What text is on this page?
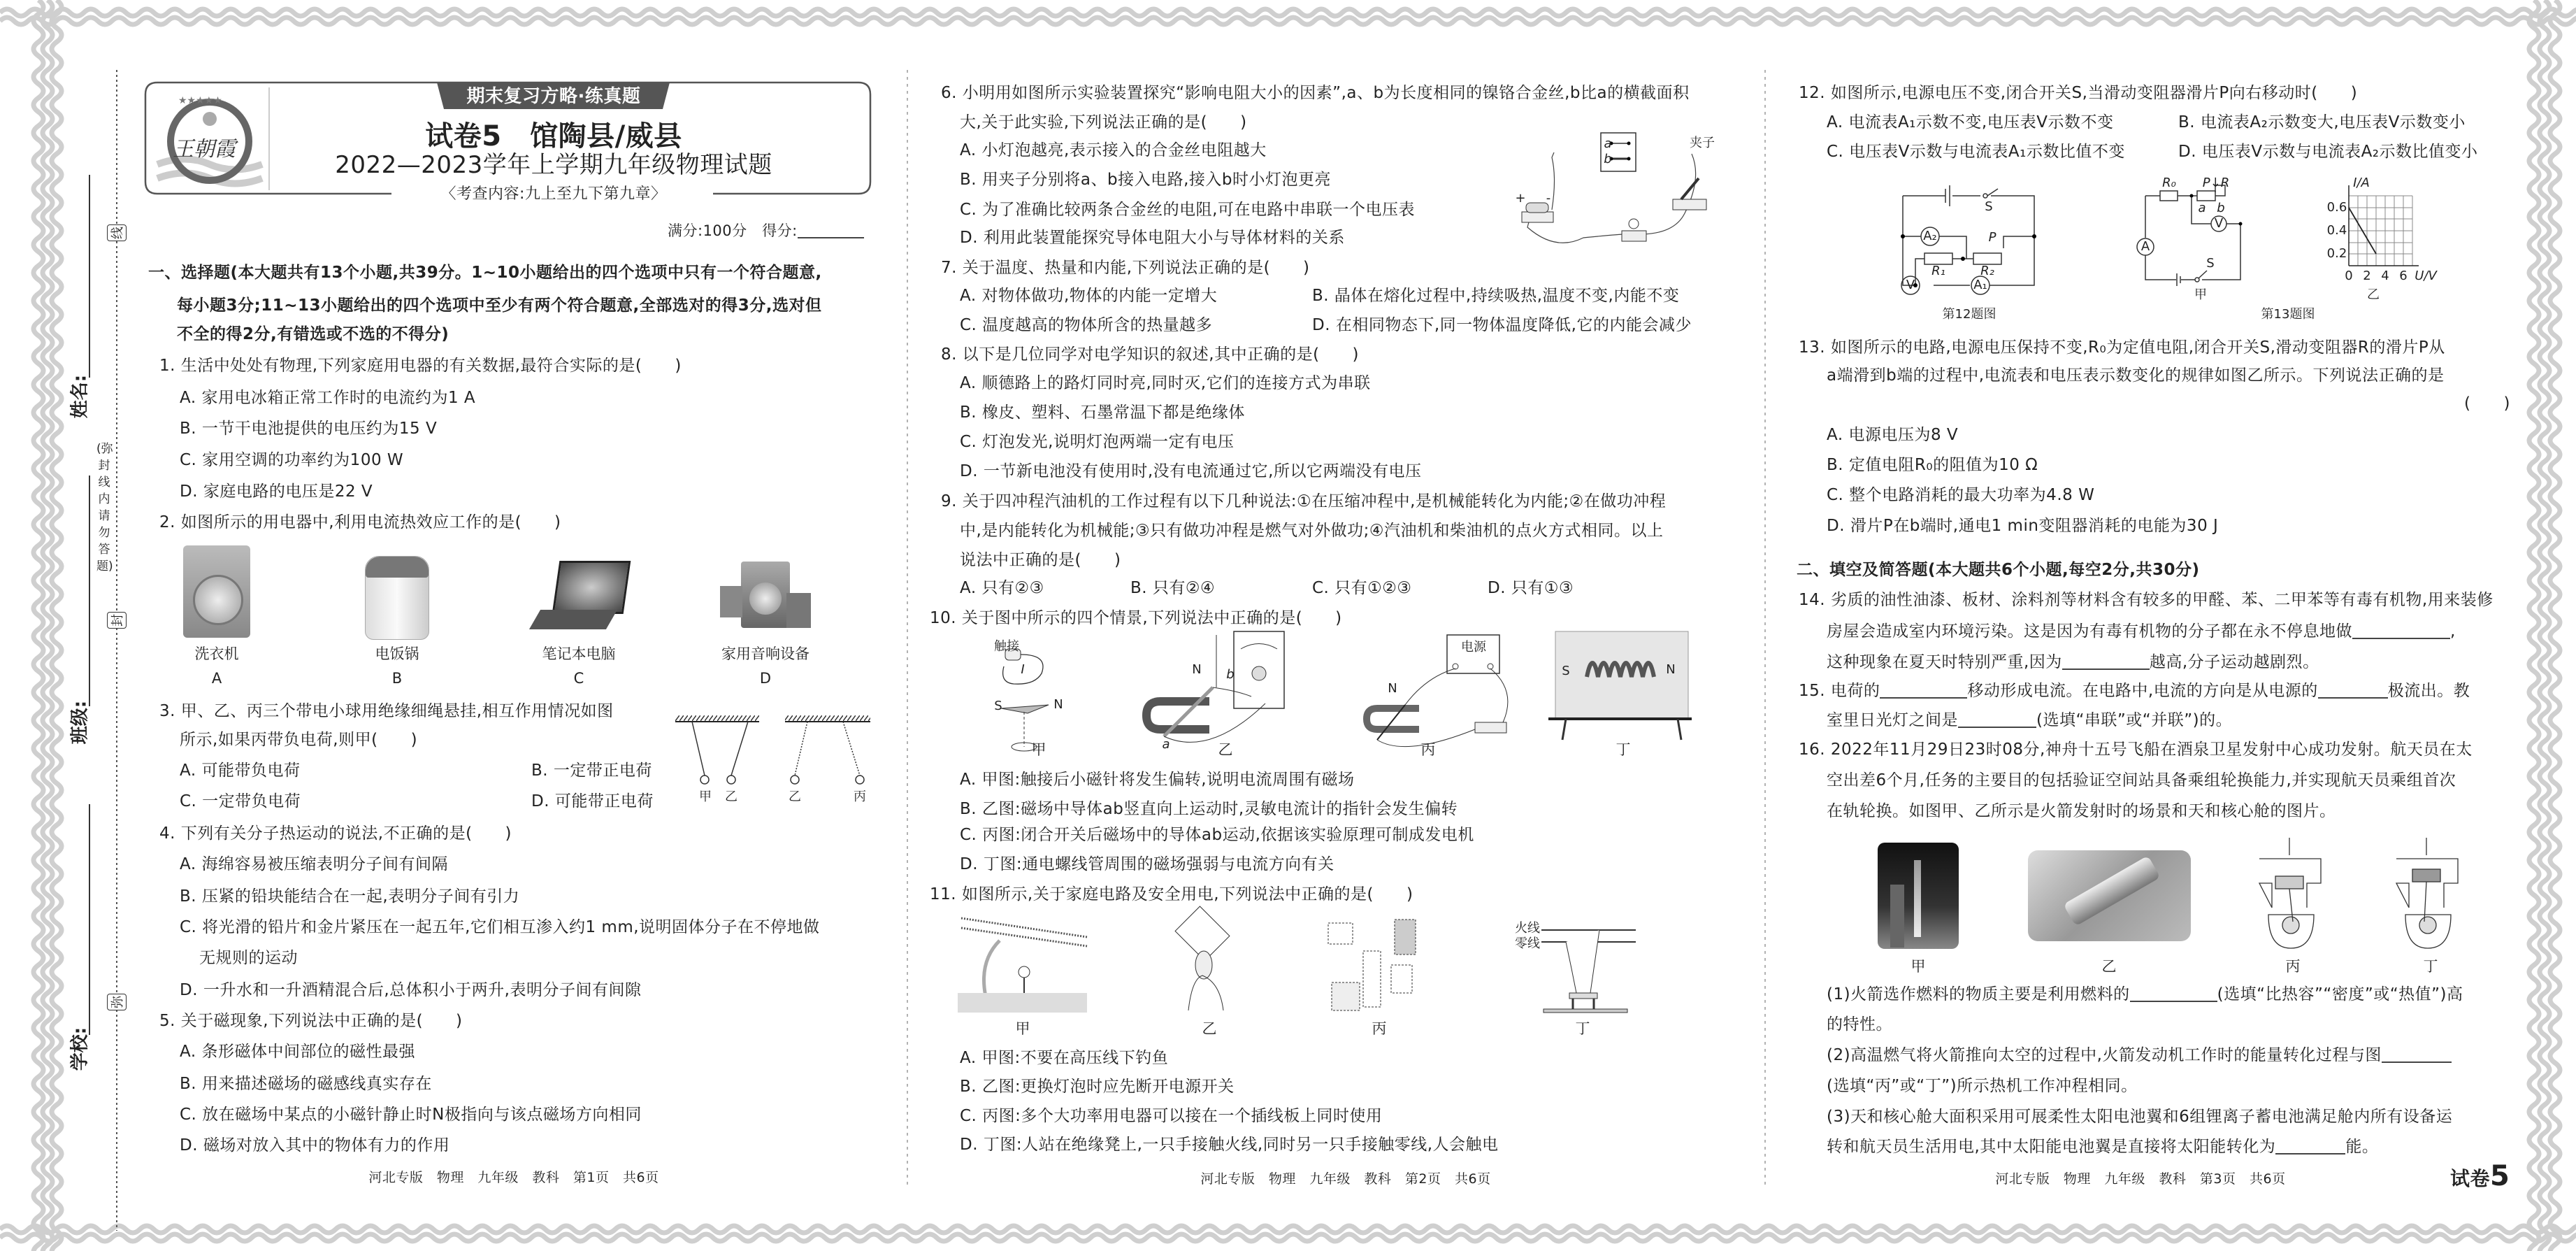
姓名:
班级:
学校:
线
封
弥
(弥封线内请勿答题)
★★★★★
王朝霞
期末复习方略·练真题
试卷5　馆陶县/威县
2022—2023学年上学期九年级物理试题
〈考查内容:九上至九下第九章〉
满分:100分　得分:
一、选择题(本大题共有13个小题,共39分。1~10小题给出的四个选项中只有一个符合题意,
每小题3分;11~13小题给出的四个选项中至少有两个符合题意,全部选对的得3分,选对但
不全的得2分,有错选或不选的不得分)
1. 生活中处处有物理,下列家庭用电器的有关数据,最符合实际的是(　　)
A. 家用电冰箱正常工作时的电流约为1 A
B. 一节干电池提供的电压约为15 V
C. 家用空调的功率约为100 W
D. 家庭电路的电压是22 V
2. 如图所示的用电器中,利用电流热效应工作的是(　　)
洗衣机	电饭锅	笔记本电脑	家用音响设备
A	B	C	D
3. 甲、乙、丙三个带电小球用绝缘细绳悬挂,相互作用情况如图
所示,如果丙带负电荷,则甲(　　)
A. 可能带负电荷	B. 一定带正电荷
C. 一定带负电荷	D. 可能带正电荷	甲 乙	乙	丙
4. 下列有关分子热运动的说法,不正确的是(　　)
A. 海绵容易被压缩表明分子间有间隔
B. 压紧的铅块能结合在一起,表明分子间有引力
C. 将光滑的铅片和金片紧压在一起五年,它们相互渗入约1 mm,说明固体分子在不停地做
无规则的运动
D. 一升水和一升酒精混合后,总体积小于两升,表明分子间有间隙
5. 关于磁现象,下列说法中正确的是(　　)
A. 条形磁体中间部位的磁性最强
B. 用来描述磁场的磁感线真实存在
C. 放在磁场中某点的小磁针静止时N极指向与该点磁场方向相同
D. 磁场对放入其中的物体有力的作用
河北专版　物理　九年级　教科　第1页　共6页
6. 小明用如图所示实验装置探究“影响电阻大小的因素”,a、b为长度相同的镍铬合金丝,b比a的横截面积
大,关于此实验,下列说法正确的是(　　)
A. 小灯泡越亮,表示接入的合金丝电阻越大
B. 用夹子分别将a、b接入电路,接入b时小灯泡更亮
C. 为了准确比较两条合金丝的电阻,可在电路中串联一个电压表
D. 利用此装置能探究导体电阻大小与导体材料的关系
a
b
夹子
+ -
7. 关于温度、热量和内能,下列说法正确的是(　　)
A. 对物体做功,物体的内能一定增大	B. 晶体在熔化过程中,持续吸热,温度不变,内能不变
C. 温度越高的物体所含的热量越多	D. 在相同物态下,同一物体温度降低,它的内能会减少
8. 以下是几位同学对电学知识的叙述,其中正确的是(　　)
A. 顺德路上的路灯同时亮,同时灭,它们的连接方式为串联
B. 橡皮、塑料、石墨常温下都是绝缘体
C. 灯泡发光,说明灯泡两端一定有电压
D. 一节新电池没有使用时,没有电流通过它,所以它两端没有电压
9. 关于四冲程汽油机的工作过程有以下几种说法:①在压缩冲程中,是机械能转化为内能;②在做功冲程
中,是内能转化为机械能;③只有做功冲程是燃气对外做功;④汽油机和柴油机的点火方式相同。以上
说法中正确的是(　　)
A. 只有②③	B. 只有②④	C. 只有①②③	D. 只有①③
10. 关于图中所示的四个情景,下列说法中正确的是(　　)
触接
I
S	N
N b
a
电源
N
S	N
甲	乙	丙	丁
A. 甲图:触接后小磁针将发生偏转,说明电流周围有磁场
B. 乙图:磁场中导体ab竖直向上运动时,灵敏电流计的指针会发生偏转
C. 丙图:闭合开关后磁场中的导体ab运动,依据该实验原理可制成发电机
D. 丁图:通电螺线管周围的磁场强弱与电流方向有关
11. 如图所示,关于家庭电路及安全用电,下列说法中正确的是(　　)
火线
零线
甲	乙	丙	丁
A. 甲图:不要在高压线下钓鱼
B. 乙图:更换灯泡时应先断开电源开关
C. 丙图:多个大功率用电器可以接在一个插线板上同时使用
D. 丁图:人站在绝缘凳上,一只手接触火线,同时另一只手接触零线,人会触电
河北专版　物理　九年级　教科　第2页　共6页
12. 如图所示,电源电压不变,闭合开关S,当滑动变阻器滑片P向右移动时(　　)
A. 电流表A₁示数不变,电压表V示数不变	B. 电流表A₂示数变大,电压表V示数变小
C. 电压表V示数与电流表A₁示数比值不变	D. 电压表V示数与电流表A₂示数比值变小
A₂
V	A₁
R₁	R₂
P
S
第12题图
R₀ P↓R
a b
V
A
S
甲
I/A
0.6
0.4
0.2
0 2 4 6 U/V
乙
第13题图
13. 如图所示的电路,电源电压保持不变,R₀为定值电阻,闭合开关S,滑动变阻器R的滑片P从
a端滑到b端的过程中,电流表和电压表示数变化的规律如图乙所示。下列说法正确的是
(　　)
A. 电源电压为8 V
B. 定值电阻R₀的阻值为10 Ω
C. 整个电路消耗的最大功率为4.8 W
D. 滑片P在b端时,通电1 min变阻器消耗的电能为30 J
二、填空及简答题(本大题共6个小题,每空2分,共30分)
14. 劣质的油性油漆、板材、涂料剂等材料含有较多的甲醛、苯、二甲苯等有毒有机物,用来装修
房屋会造成室内环境污染。这是因为有毒有机物的分子都在永不停息地做	,
这种现象在夏天时特别严重,因为	越高,分子运动越剧烈。
15. 电荷的	移动形成电流。在电路中,电流的方向是从电源的	极流出。教
室里日光灯之间是	(选填“串联”或“并联”)的。
16. 2022年11月29日23时08分,神舟十五号飞船在酒泉卫星发射中心成功发射。航天员在太
空出差6个月,任务的主要目的包括验证空间站具备乘组轮换能力,并实现航天员乘组首次
在轨轮换。如图甲、乙所示是火箭发射时的场景和天和核心舱的图片。
甲	乙	丙	丁
(1)火箭选作燃料的物质主要是利用燃料的	(选填“比热容”“密度”或“热值”)高
的特性。
(2)高温燃气将火箭推向太空的过程中,火箭发动机工作时的能量转化过程与图
(选填“丙”或“丁”)所示热机工作冲程相同。
(3)天和核心舱大面积采用可展柔性太阳电池翼和6组锂离子蓄电池满足舱内所有设备运
转和航天员生活用电,其中太阳能电池翼是直接将太阳能转化为	能。
河北专版　物理　九年级　教科　第3页　共6页	试卷5
